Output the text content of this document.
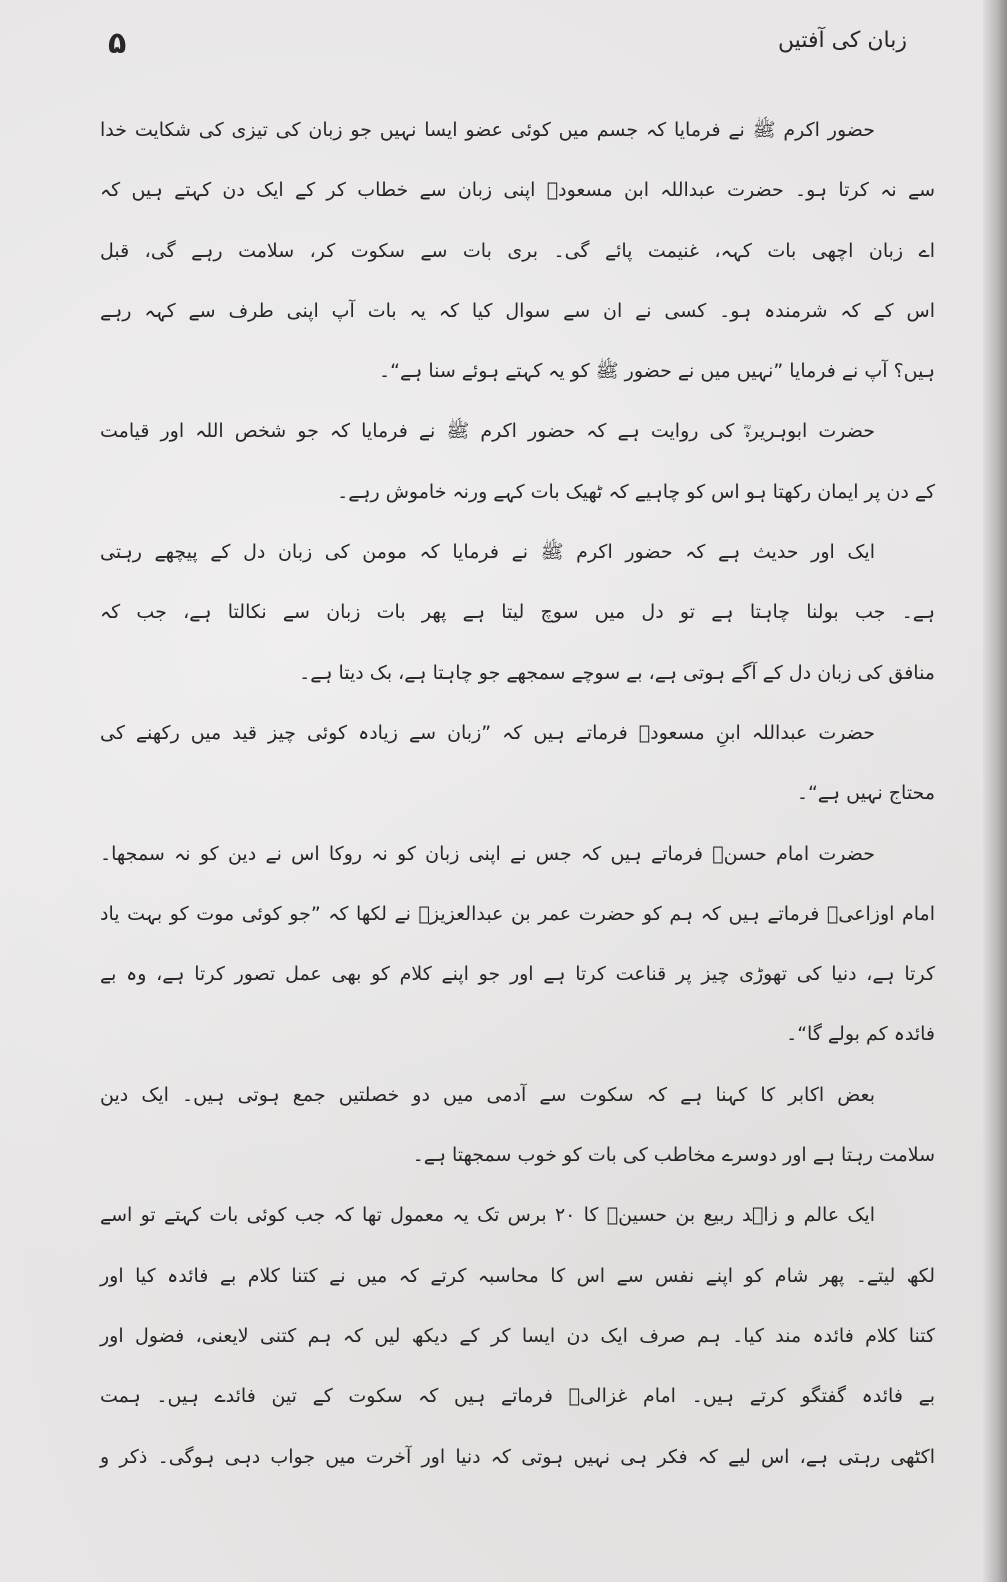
زبان کی آفتیں
۵
حضور اکرم ﷺ نے فرمایا کہ جسم میں کوئی عضو ایسا نہیں جو زبان کی تیزی کی شکایت خدا
سے نہ کرتا ہو۔ حضرت عبداللہ ابن مسعودؓ اپنی زبان سے خطاب کر کے ایک دن کہتے ہیں کہ
اے زبان اچھی بات کہہ، غنیمت پائے گی۔ بری بات سے سکوت کر، سلامت رہے گی، قبل
اس کے کہ شرمندہ ہو۔ کسی نے ان سے سوال کیا کہ یہ بات آپ اپنی طرف سے کہہ رہے
ہیں؟ آپ نے فرمایا ”نہیں میں نے حضور ﷺ کو یہ کہتے ہوئے سنا ہے“۔
حضرت ابوہریرہؓ کی روایت ہے کہ حضور اکرم ﷺ نے فرمایا کہ جو شخص اللہ اور قیامت
کے دن پر ایمان رکھتا ہو اس کو چاہیے کہ ٹھیک بات کہے ورنہ خاموش رہے۔
ایک اور حدیث ہے کہ حضور اکرم ﷺ نے فرمایا کہ مومن کی زبان دل کے پیچھے رہتی
ہے۔ جب بولنا چاہتا ہے تو دل میں سوچ لیتا ہے پھر بات زبان سے نکالتا ہے، جب کہ
منافق کی زبان دل کے آگے ہوتی ہے، بے سوچے سمجھے جو چاہتا ہے، بک دیتا ہے۔
حضرت عبداللہ ابنِ مسعودؓ فرماتے ہیں کہ ”زبان سے زیادہ کوئی چیز قید میں رکھنے کی
محتاج نہیں ہے“۔
حضرت امام حسنؓ فرماتے ہیں کہ جس نے اپنی زبان کو نہ روکا اس نے دین کو نہ سمجھا۔
امام اوزاعیؒ فرماتے ہیں کہ ہم کو حضرت عمر بن عبدالعزیزؒ نے لکھا کہ ”جو کوئی موت کو بہت یاد
کرتا ہے، دنیا کی تھوڑی چیز پر قناعت کرتا ہے اور جو اپنے کلام کو بھی عمل تصور کرتا ہے، وہ بے
فائدہ کم بولے گا“۔
بعض اکابر کا کہنا ہے کہ سکوت سے آدمی میں دو خصلتیں جمع ہوتی ہیں۔ ایک دین
سلامت رہتا ہے اور دوسرے مخاطب کی بات کو خوب سمجھتا ہے۔
ایک عالم و زاہد ربیع بن حسینؒ کا ۲۰ برس تک یہ معمول تھا کہ جب کوئی بات کہتے تو اسے
لکھ لیتے۔ پھر شام کو اپنے نفس سے اس کا محاسبہ کرتے کہ میں نے کتنا کلام بے فائدہ کیا اور
کتنا کلام فائدہ مند کیا۔ ہم صرف ایک دن ایسا کر کے دیکھ لیں کہ ہم کتنی لایعنی، فضول اور
بے فائدہ گفتگو کرتے ہیں۔ امام غزالیؒ فرماتے ہیں کہ سکوت کے تین فائدے ہیں۔ ہمت
اکٹھی رہتی ہے، اس لیے کہ فکر ہی نہیں ہوتی کہ دنیا اور آخرت میں جواب دہی ہوگی۔ ذکر و
